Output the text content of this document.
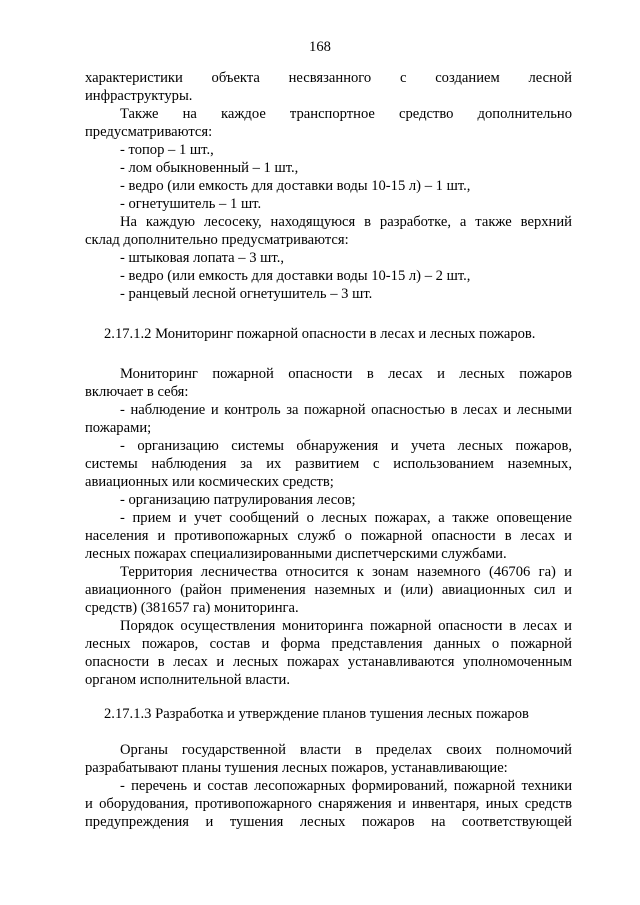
168
характеристики объекта несвязанного с созданием лесной
инфраструктуры.
Также на каждое транспортное средство дополнительно
предусматриваются:
- топор – 1 шт.,
- лом обыкновенный – 1 шт.,
- ведро (или емкость для доставки воды 10-15 л) – 1 шт.,
- огнетушитель – 1 шт.
На каждую лесосеку, находящуюся в разработке, а также верхний
склад дополнительно предусматриваются:
- штыковая лопата – 3 шт.,
- ведро (или емкость для доставки воды 10-15 л) – 2 шт.,
- ранцевый лесной огнетушитель – 3 шт.
2.17.1.2 Мониторинг пожарной опасности в лесах и лесных пожаров.
Мониторинг пожарной опасности в лесах и лесных пожаров
включает в себя:
- наблюдение и контроль за пожарной опасностью в лесах и лесными
пожарами;
- организацию системы обнаружения и учета лесных пожаров,
системы наблюдения за их развитием с использованием наземных,
авиационных или космических средств;
- организацию патрулирования лесов;
- прием и учет сообщений о лесных пожарах, а также оповещение
населения и противопожарных служб о пожарной опасности в лесах и
лесных пожарах специализированными диспетчерскими службами.
Территория лесничества относится к зонам наземного (46706 га) и
авиационного (район применения наземных и (или) авиационных сил и
средств) (381657 га) мониторинга.
Порядок осуществления мониторинга пожарной опасности в лесах и
лесных пожаров, состав и форма представления данных о пожарной
опасности в лесах и лесных пожарах устанавливаются уполномоченным
органом исполнительной власти.
2.17.1.3 Разработка и утверждение планов тушения лесных пожаров
Органы государственной власти в пределах своих полномочий
разрабатывают планы тушения лесных пожаров, устанавливающие:
- перечень и состав лесопожарных формирований, пожарной техники
и оборудования, противопожарного снаряжения и инвентаря, иных средств
предупреждения и тушения лесных пожаров на соответствующей
